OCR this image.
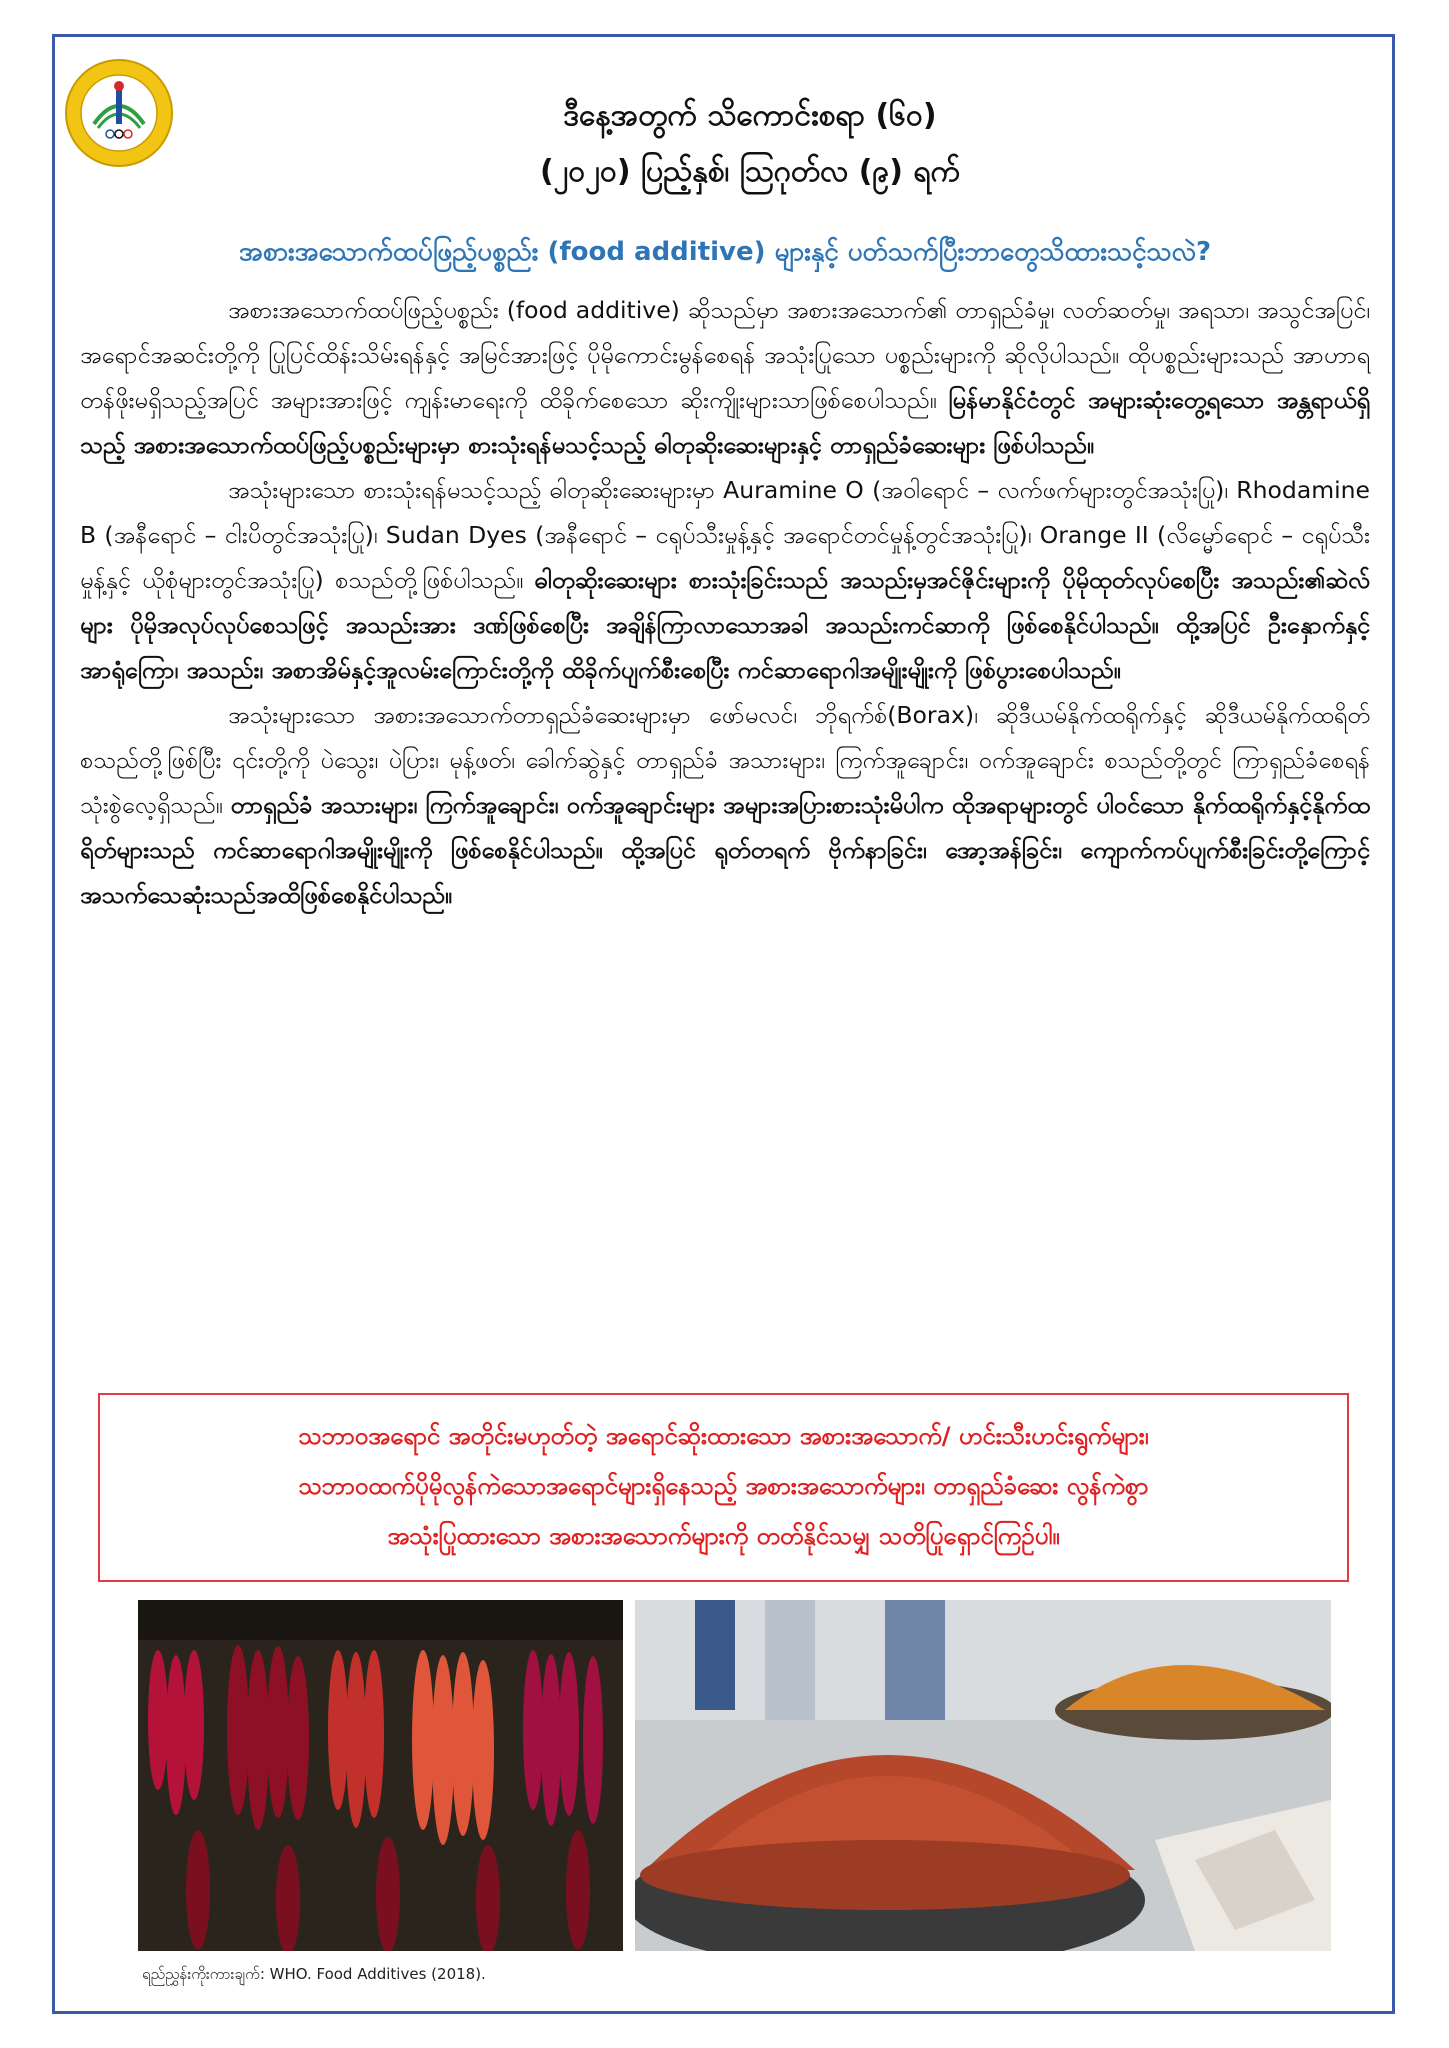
ဒီနေ့အတွက် သိကောင်းစရာ (၆၀)
(၂၀၂၀) ပြည့်နှစ်၊ ဩဂုတ်လ (၉) ရက်
အစားအသောက်ထပ်ဖြည့်ပစ္စည်း (food additive) များနှင့် ပတ်သက်ပြီးဘာတွေသိထားသင့်သလဲ?

အစားအသောက်ထပ်ဖြည့်ပစ္စည်း (food additive) ဆိုသည်မှာ အစားအသောက်၏ တာရှည်ခံမှု၊ လတ်ဆတ်မှု၊ အရသာ၊ အသွင်အပြင်၊ အရောင်အဆင်းတို့ကို ပြုပြင်ထိန်းသိမ်းရန်နှင့် အမြင်အားဖြင့် ပိုမိုကောင်းမွန်စေရန် အသုံးပြုသော ပစ္စည်းများကို ဆိုလိုပါသည်။ ထိုပစ္စည်းများသည် အာဟာရတန်ဖိုးမရှိသည့်အပြင် အများအားဖြင့် ကျန်းမာရေးကို ထိခိုက်စေသော ဆိုးကျိုးများသာဖြစ်စေပါသည်။ မြန်မာနိုင်ငံတွင် အများဆုံးတွေ့ရသော အန္တရာယ်ရှိသည့် အစားအသောက်ထပ်ဖြည့်ပစ္စည်းများမှာ စားသုံးရန်မသင့်သည့် ဓါတုဆိုးဆေးများနှင့် တာရှည်ခံဆေးများ ဖြစ်ပါသည်။

အသုံးများသော စားသုံးရန်မသင့်သည့် ဓါတုဆိုးဆေးများမှာ Auramine O (အဝါရောင် – လက်ဖက်များတွင်အသုံးပြု)၊ Rhodamine B (အနီရောင် – ငါးပိတွင်အသုံးပြု)၊ Sudan Dyes (အနီရောင် – ငရုပ်သီးမှုန့်နှင့် အရောင်တင်မှုန့်တွင်အသုံးပြု)၊ Orange II (လိမ္မော်ရောင် – ငရုပ်သီးမှုန့်နှင့် ယိုစုံများတွင်အသုံးပြု) စသည်တို့ဖြစ်ပါသည်။ ဓါတုဆိုးဆေးများ စားသုံးခြင်းသည် အသည်းမှအင်ဇိုင်းများကို ပိုမိုထုတ်လုပ်စေပြီး အသည်း၏ဆဲလ်များ ပိုမိုအလုပ်လုပ်စေသဖြင့် အသည်းအား ဒဏ်ဖြစ်စေပြီး အချိန်ကြာလာသောအခါ အသည်းကင်ဆာကို ဖြစ်စေနိုင်ပါသည်။ ထို့အပြင် ဦးနှောက်နှင့်အာရုံကြော၊ အသည်း၊ အစာအိမ်နှင့်အူလမ်းကြောင်းတို့ကို ထိခိုက်ပျက်စီးစေပြီး ကင်ဆာရောဂါအမျိုးမျိုးကို ဖြစ်ပွားစေပါသည်။

အသုံးများသော အစားအသောက်တာရှည်ခံဆေးများမှာ ဖော်မလင်၊ ဘိုရက်စ်(Borax)၊ ဆိုဒီယမ်နိုက်ထရိုက်နှင့် ဆိုဒီယမ်နိုက်ထရိတ် စသည်တို့ဖြစ်ပြီး ၎င်းတို့ကို ပဲသွေး၊ ပဲပြား၊ မုန့်ဖတ်၊ ခေါက်ဆွဲနှင့် တာရှည်ခံ အသားများ၊ ကြက်အူချောင်း၊ ဝက်အူချောင်း စသည်တို့တွင် ကြာရှည်ခံစေရန် သုံးစွဲလေ့ရှိသည်။ တာရှည်ခံ အသားများ၊ ကြက်အူချောင်း၊ ဝက်အူချောင်းများ အများအပြားစားသုံးမိပါက ထိုအရာများတွင် ပါဝင်သော နိုက်ထရိုက်နှင့်နိုက်ထရိတ်များသည် ကင်ဆာရောဂါအမျိုးမျိုးကို ဖြစ်စေနိုင်ပါသည်။ ထို့အပြင် ရုတ်တရက် ဗိုက်နာခြင်း၊ အော့အန်ခြင်း၊ ကျောက်ကပ်ပျက်စီးခြင်းတို့ကြောင့် အသက်သေဆုံးသည်အထိဖြစ်စေနိုင်ပါသည်။

သဘာဝအရောင် အတိုင်းမဟုတ်တဲ့ အရောင်ဆိုးထားသော အစားအသောက်/ ဟင်းသီးဟင်းရွက်များ၊
သဘာဝထက်ပိုမိုလွန်ကဲသောအရောင်များရှိနေသည့် အစားအသောက်များ၊ တာရှည်ခံဆေး လွန်ကဲစွာ
အသုံးပြုထားသော အစားအသောက်များကို တတ်နိုင်သမျှ သတိပြုရှောင်ကြဉ်ပါ။
ရည်ညွှန်းကိုးကားချက်: WHO. Food Additives (2018).
